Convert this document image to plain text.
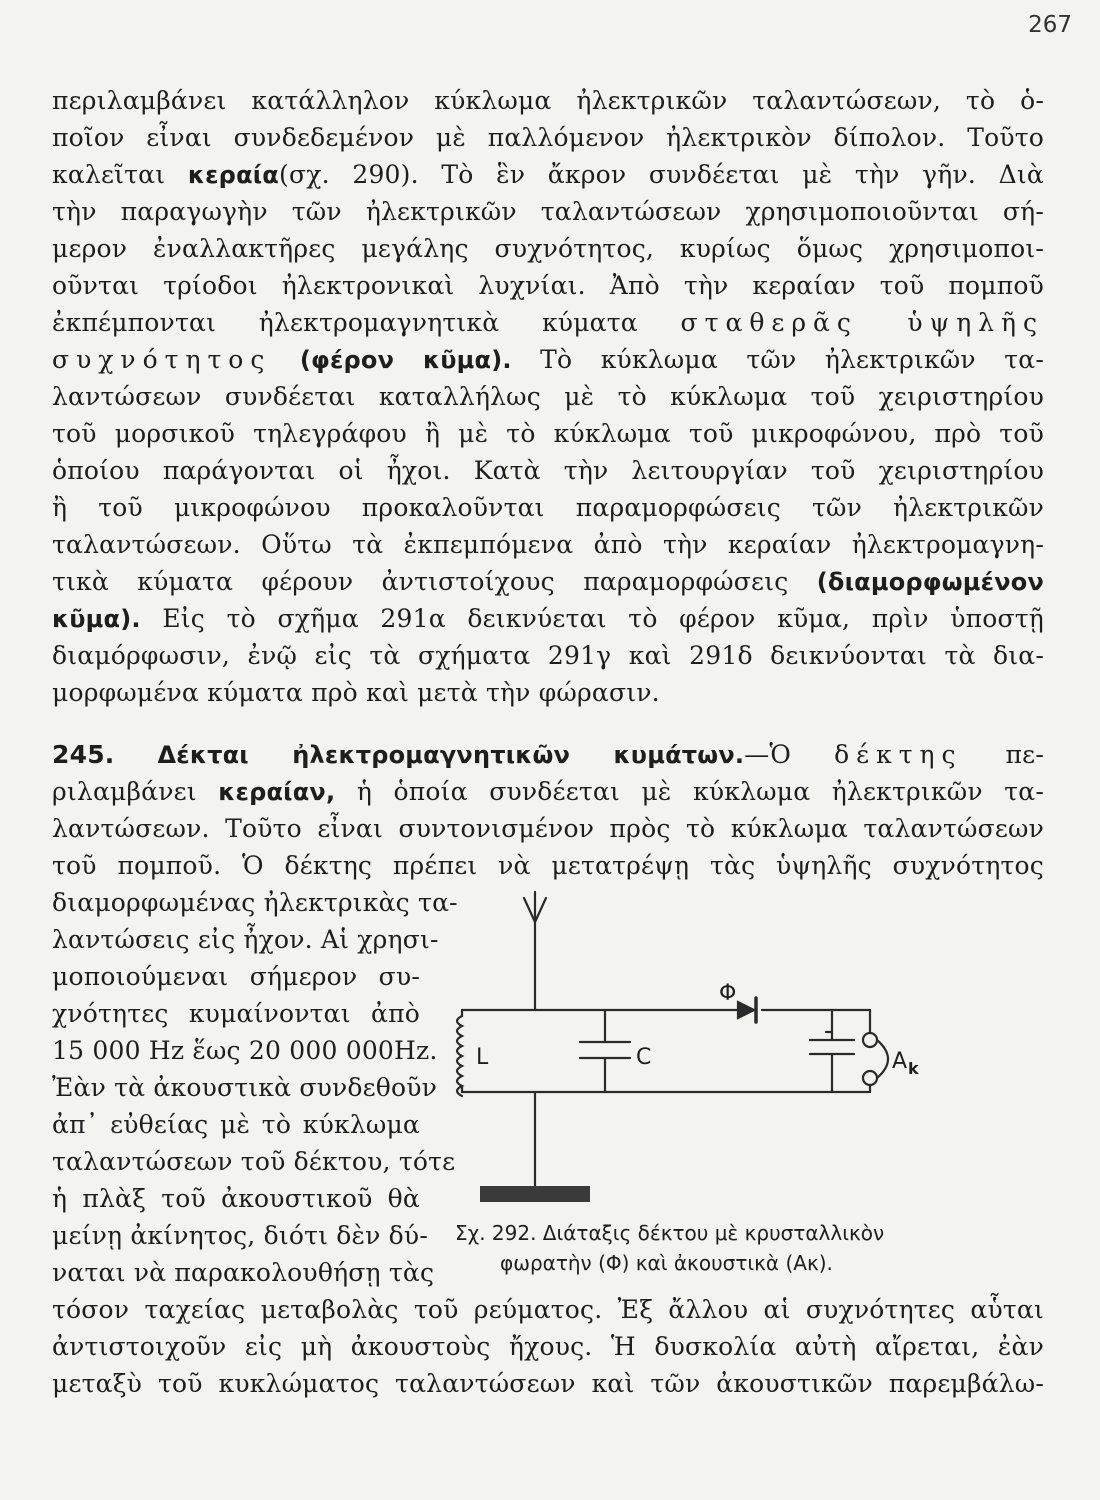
267
περιλαμβάνει κατάλληλον κύκλωμα ἠλεκτρικῶν ταλαντώσεων, τὸ ὁ-
ποῖον εἶναι συνδεδεμένον μὲ παλλόμενον ἠλεκτρικὸν δίπολον. Τοῦτο
καλεῖται κεραία(σχ. 290). Τὸ ἓν ἄκρον συνδέεται μὲ τὴν γῆν. Διὰ
τὴν παραγωγὴν τῶν ἠλεκτρικῶν ταλαντώσεων χρησιμοποιοῦνται σή-
μερον ἐναλλακτῆρες μεγάλης συχνότητος, κυρίως ὅμως χρησιμοποι-
οῦνται τρίοδοι ἠλεκτρονικαὶ λυχνίαι. Ἀπὸ τὴν κεραίαν τοῦ πομποῦ
ἐκπέμπονται ἠλεκτρομαγνητικὰ κύματα σταθερᾶς ὑψηλῆς
συχνότητος (φέρον κῦμα). Τὸ κύκλωμα τῶν ἠλεκτρικῶν τα-
λαντώσεων συνδέεται καταλλήλως μὲ τὸ κύκλωμα τοῦ χειριστηρίου
τοῦ μορσικοῦ τηλεγράφου ἢ μὲ τὸ κύκλωμα τοῦ μικροφώνου, πρὸ τοῦ
ὁποίου παράγονται οἱ ἦχοι. Κατὰ τὴν λειτουργίαν τοῦ χειριστηρίου
ἢ τοῦ μικροφώνου προκαλοῦνται παραμορφώσεις τῶν ἠλεκτρικῶν
ταλαντώσεων. Οὕτω τὰ ἐκπεμπόμενα ἀπὸ τὴν κεραίαν ἠλεκτρομαγνη-
τικὰ κύματα φέρουν ἀντιστοίχους παραμορφώσεις (διαμορφωμένον
κῦμα). Εἰς τὸ σχῆμα 291α δεικνύεται τὸ φέρον κῦμα, πρὶν ὑποστῇ
διαμόρφωσιν, ἐνῷ εἰς τὰ σχήματα 291γ καὶ 291δ δεικνύονται τὰ δια-
μορφωμένα κύματα πρὸ καὶ μετὰ τὴν φώρασιν.
245. Δέκται ἠλεκτρομαγνητικῶν κυμάτων.—Ὁ δέκτης πε-
ριλαμβάνει κεραίαν, ἡ ὁποία συνδέεται μὲ κύκλωμα ἠλεκτρικῶν τα-
λαντώσεων. Τοῦτο εἶναι συντονισμένον πρὸς τὸ κύκλωμα ταλαντώσεων
τοῦ πομποῦ. Ὁ δέκτης πρέπει νὰ μετατρέψῃ τὰς ὑψηλῆς συχνότητος
διαμορφωμένας ἠλεκτρικὰς τα-
λαντώσεις εἰς ἦχον. Αἱ χρησι-
μοποιούμεναι σήμερον συ-
χνότητες κυμαίνονται ἀπὸ
15 000 Hz ἕως 20 000 000Hz.
Ἐὰν τὰ ἀκουστικὰ συνδεθοῦν
ἀπ᾽ εὐθείας μὲ τὸ κύκλωμα
ταλαντώσεων τοῦ δέκτου, τότε
ἡ πλὰξ τοῦ ἀκουστικοῦ θὰ
μείνῃ ἀκίνητος, διότι δὲν δύ-
ναται νὰ παρακολουθήσῃ τὰς
L	C
Φ
A k
Σχ. 292. Διάταξις δέκτου μὲ κρυσταλλικὸν
φωρατὴν (Φ) καὶ ἀκουστικὰ (Ακ).
τόσον ταχείας μεταβολὰς τοῦ ρεύματος. Ἐξ ἄλλου αἱ συχνότητες αὗται
ἀντιστοιχοῦν εἰς μὴ ἀκουστοὺς ἤχους. Ἡ δυσκολία αὐτὴ αἴρεται, ἐὰν
μεταξὺ τοῦ κυκλώματος ταλαντώσεων καὶ τῶν ἀκουστικῶν παρεμβάλω-
